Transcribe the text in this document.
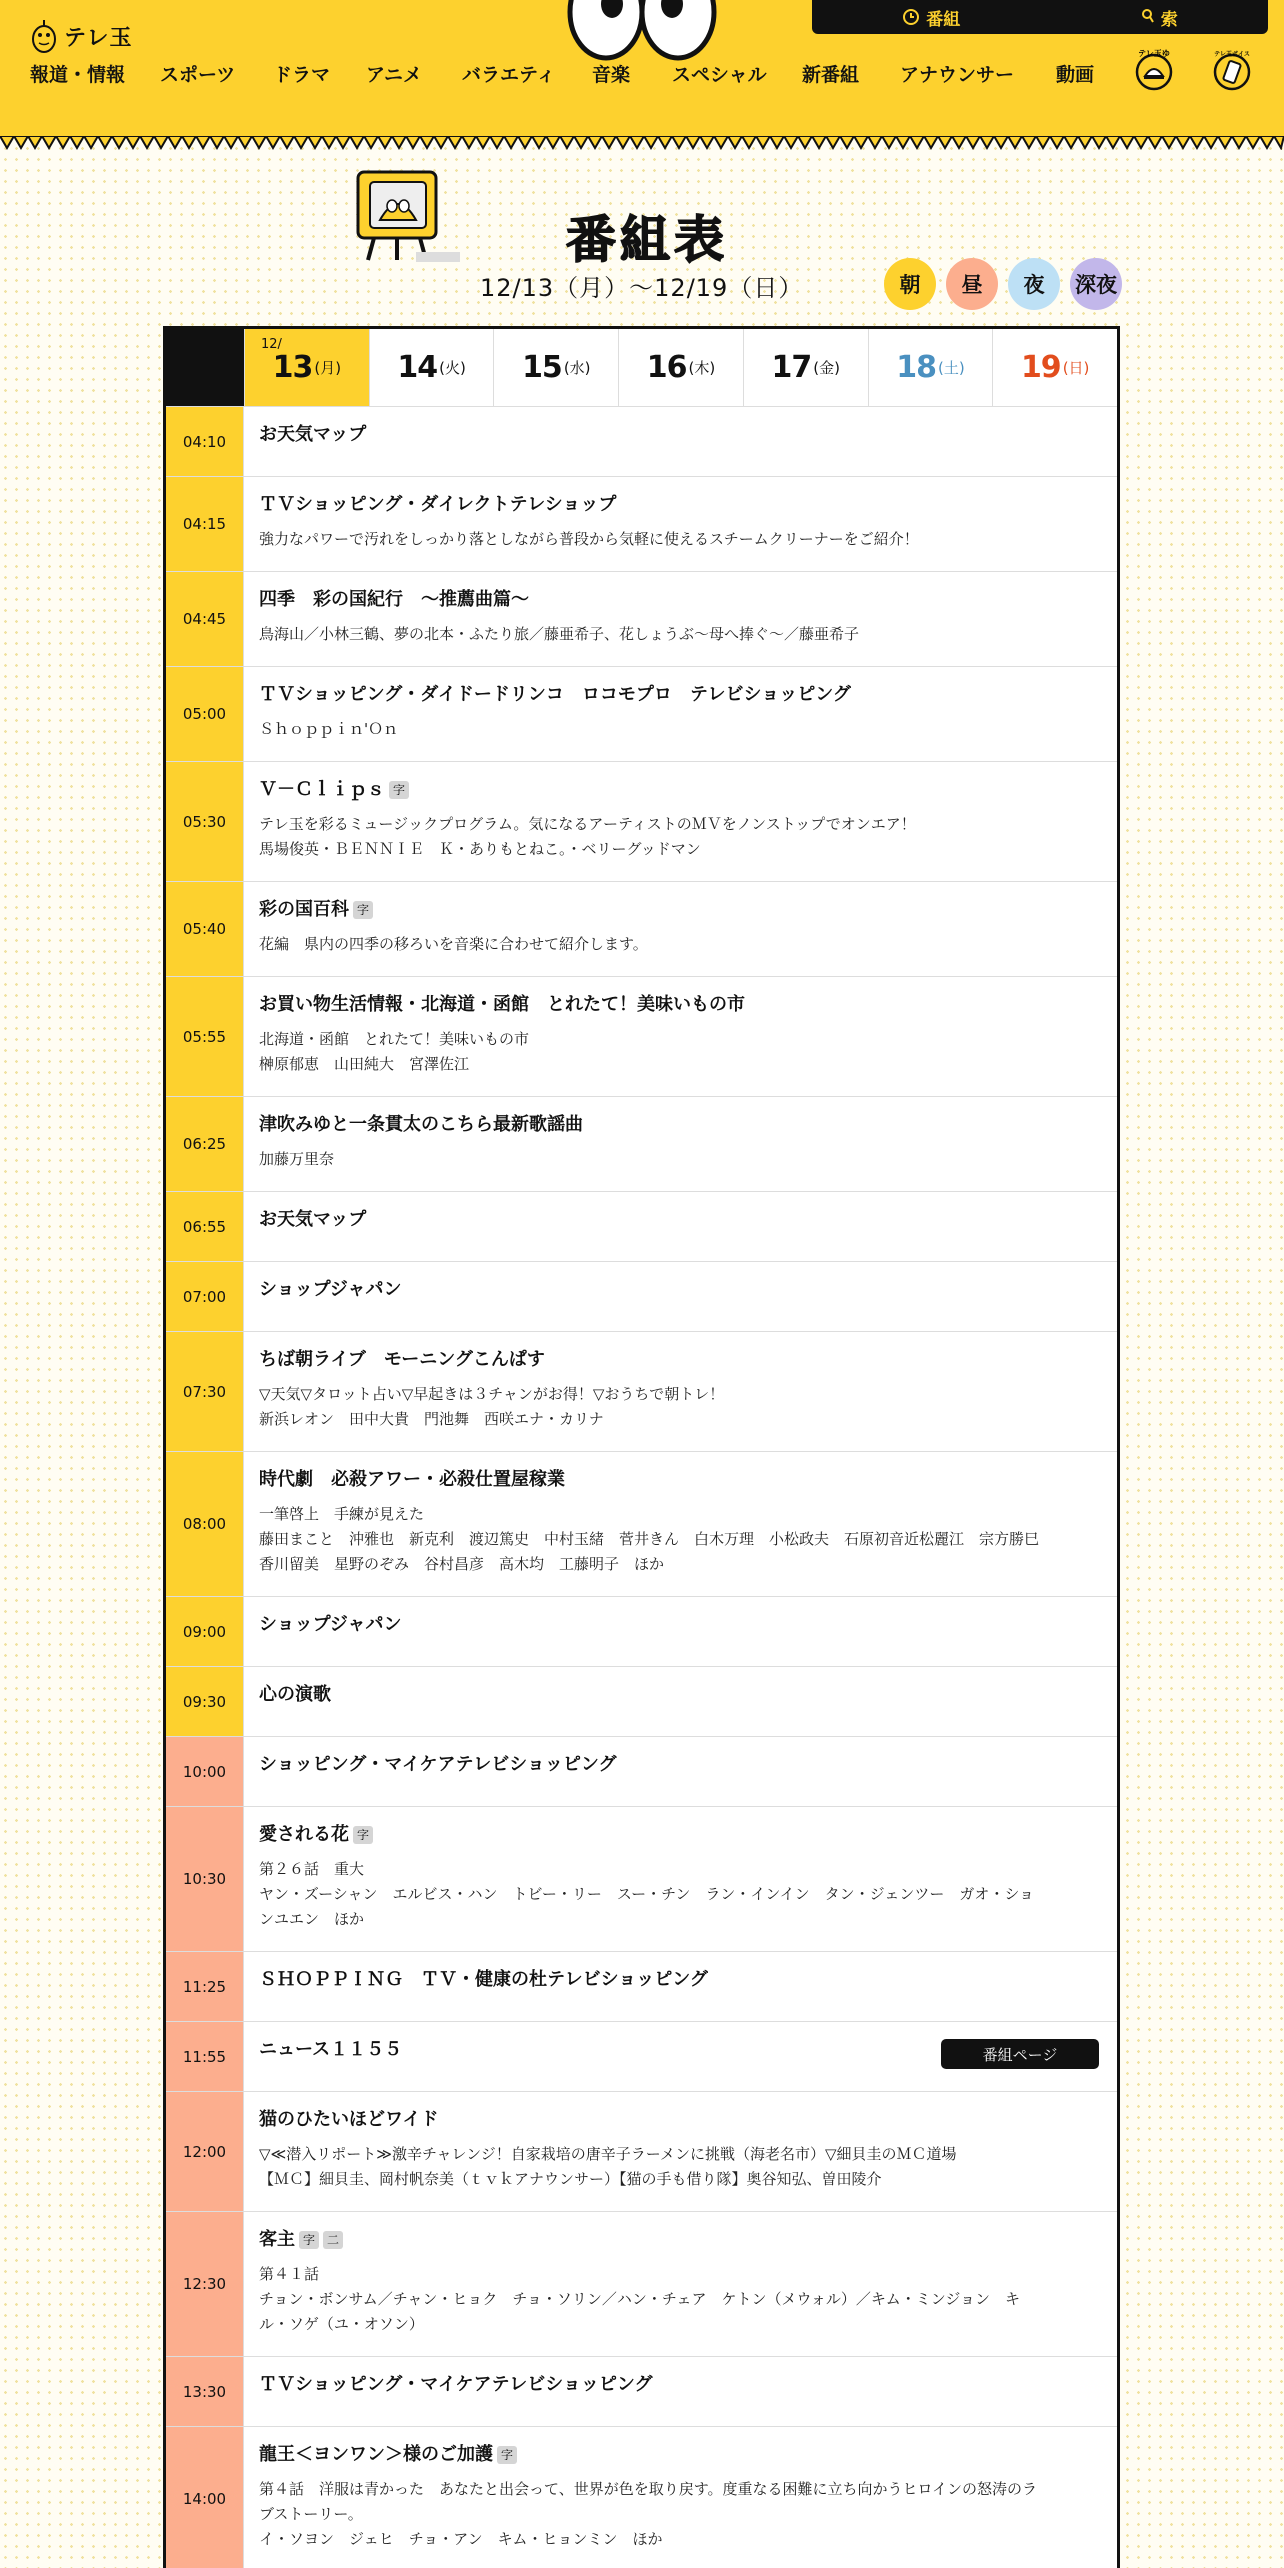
テレ玉
番組	索
報道・情報 スポーツ ドラマ アニメ バラエティ 音楽 スペシャル 新番組 アナウンサー 動画
テレ玉ゆ	テレ玉ボイス
番組表
12/13（月）〜12/19（日）	朝	昼	夜	深夜
12/
13 (月) 14 (火) 15 (水) 16 (木) 17 (金) 18 (土) 19 (日)
04:10	お天気マップ
04:15
ＴＶショッピング・ダイレクトテレショップ
強力なパワーで汚れをしっかり落としながら普段から気軽に使えるスチームクリーナーをご紹介！
04:45
四季　彩の国紀行　～推薦曲篇～
鳥海山／小林三鶴、夢の北本・ふたり旅／藤亜希子、花しょうぶ～母へ捧ぐ～／藤亜希子
05:00
ＴＶショッピング・ダイドードリンコ　ロコモプロ　テレビショッピング
Ｓｈｏｐｐｉｎ'Ｏｎ
05:30
Ｖ－Ｃｌｉｐｓ 字
テレ玉を彩るミュージックプログラム。気になるアーティストのＭＶをノンストップでオンエア！
馬場俊英・ＢＥＮＮＩＥ　Ｋ・ありもとねこ。・ベリーグッドマン
05:40
彩の国百科 字
花編　県内の四季の移ろいを音楽に合わせて紹介します。
05:55
お買い物生活情報・北海道・函館　とれたて！美味いもの市
北海道・函館　とれたて！美味いもの市
榊原郁恵　山田純大　宮澤佐江
06:25
津吹みゆと一条貫太のこちら最新歌謡曲
加藤万里奈
06:55	お天気マップ
07:00	ショップジャパン
07:30
ちば朝ライブ　モーニングこんぱす
▽天気▽タロット占い▽早起きは３チャンがお得！▽おうちで朝トレ！
新浜レオン　田中大貴　門池舞　西咲エナ・カリナ
08:00
時代劇　必殺アワー・必殺仕置屋稼業
一筆啓上　手練が見えた
藤田まこと　沖雅也　新克利　渡辺篤史　中村玉緒　菅井きん　白木万理　小松政夫　石原初音近松麗江　宗方勝巳
香川留美　星野のぞみ　谷村昌彦　高木均　工藤明子　ほか
09:00	ショップジャパン
09:30	心の演歌
10:00	ショッピング・マイケアテレビショッピング
10:30
愛される花 字
第２６話　重大
ヤン・ズーシャン　エルビス・ハン　トビー・リー　スー・チン　ラン・インイン　タン・ジェンツー　ガオ・ショ
ンユエン　ほか
11:25	ＳＨＯＰＰＩＮＧ　ＴＶ・健康の杜テレビショッピング
11:55	ニュース１１５５	番組ページ
12:00
猫のひたいほどワイド
▽≪潜入リポート≫激辛チャレンジ！自家栽培の唐辛子ラーメンに挑戦（海老名市）▽細貝圭のＭＣ道場
【ＭＣ】細貝圭、岡村帆奈美（ｔｖｋアナウンサー）【猫の手も借り隊】奥谷知弘、曽田陵介
12:30
客主 字	二
第４１話
チョン・ボンサム／チャン・ヒョク　チョ・ソリン／ハン・チェア　ケトン（メウォル）／キム・ミンジョン　キ
ル・ソゲ（ユ・オソン）
13:30	ＴＶショッピング・マイケアテレビショッピング
14:00
龍王＜ヨンワン＞様のご加護 字
第４話　洋服は青かった　あなたと出会って、世界が色を取り戻す。度重なる困難に立ち向かうヒロインの怒涛のラ
ブストーリー。
イ・ソヨン　ジェヒ　チョ・アン　キム・ヒョンミン　ほか
